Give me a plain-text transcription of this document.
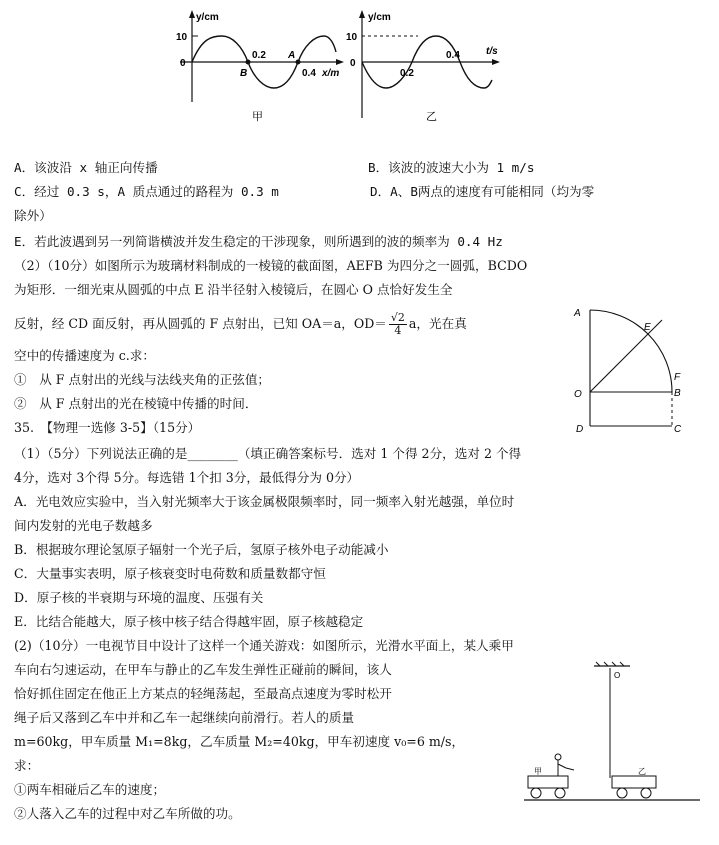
y/cm
10
0
0.2
B
A
0.4 x/m
甲
y/cm
10
0
0.2
0.4	t/s
乙
A．该波沿 x 轴正向传播	B．该波的波速大小为 1 m/s
C．经过 0.3 s，A 质点通过的路程为 0.3 m	D．A、B两点的速度有可能相同（均为零
除外）
E．若此波遇到另一列简谐横波并发生稳定的干涉现象，则所遇到的波的频率为 0.4 Hz
（2）（10分）如图所示为玻璃材料制成的一棱镜的截面图，AEFB 为四分之一圆弧，BCDO
为矩形．一细光束从圆弧的中点 E 沿半径射入棱镜后，在圆心 O 点恰好发生全
反射，经 CD 面反射，再从圆弧的 F 点射出，已知 OA＝a，$OD= \frac{√2}{4}$ a，光在真
空中的传播速度为 c.求：
①　从 F 点射出的光线与法线夹角的正弦值；
②　从 F 点射出的光在棱镜中传播的时间．
A
E
F
O	B
D	C
35.　【物理一选修 3-5】（15分）
（1）（5分）下列说法正确的是________（填正确答案标号．选对 1 个得 2分，选对 2 个得
4分，选对 3个得 5分。每选错 1个扣 3分，最低得分为 0分）
A．光电效应实验中，当入射光频率大于该金属极限频率时，同一频率入射光越强，单位时
间内发射的光电子数越多
B．根据玻尔理论氢原子辐射一个光子后，氢原子核外电子动能减小
C．大量事实表明，原子核衰变时电荷数和质量数都守恒
D．原子核的半衰期与环境的温度、压强有关
E．比结合能越大，原子核中核子结合得越牢固，原子核越稳定
(2)（10分）一电视节目中设计了这样一个通关游戏：如图所示，光滑水平面上，某人乘甲
车向右匀速运动，在甲车与静止的乙车发生弹性正碰前的瞬间，该人
恰好抓住固定在他正上方某点的轻绳荡起，至最高点速度为零时松开
绳子后又落到乙车中并和乙车一起继续向前滑行。若人的质量
m=60kg，甲车质量 M₁=8kg，乙车质量 M₂=40kg，甲车初速度 v₀=6 m/s，
求：
①两车相碰后乙车的速度；
②人落入乙车的过程中对乙车所做的功。
O
甲	乙
